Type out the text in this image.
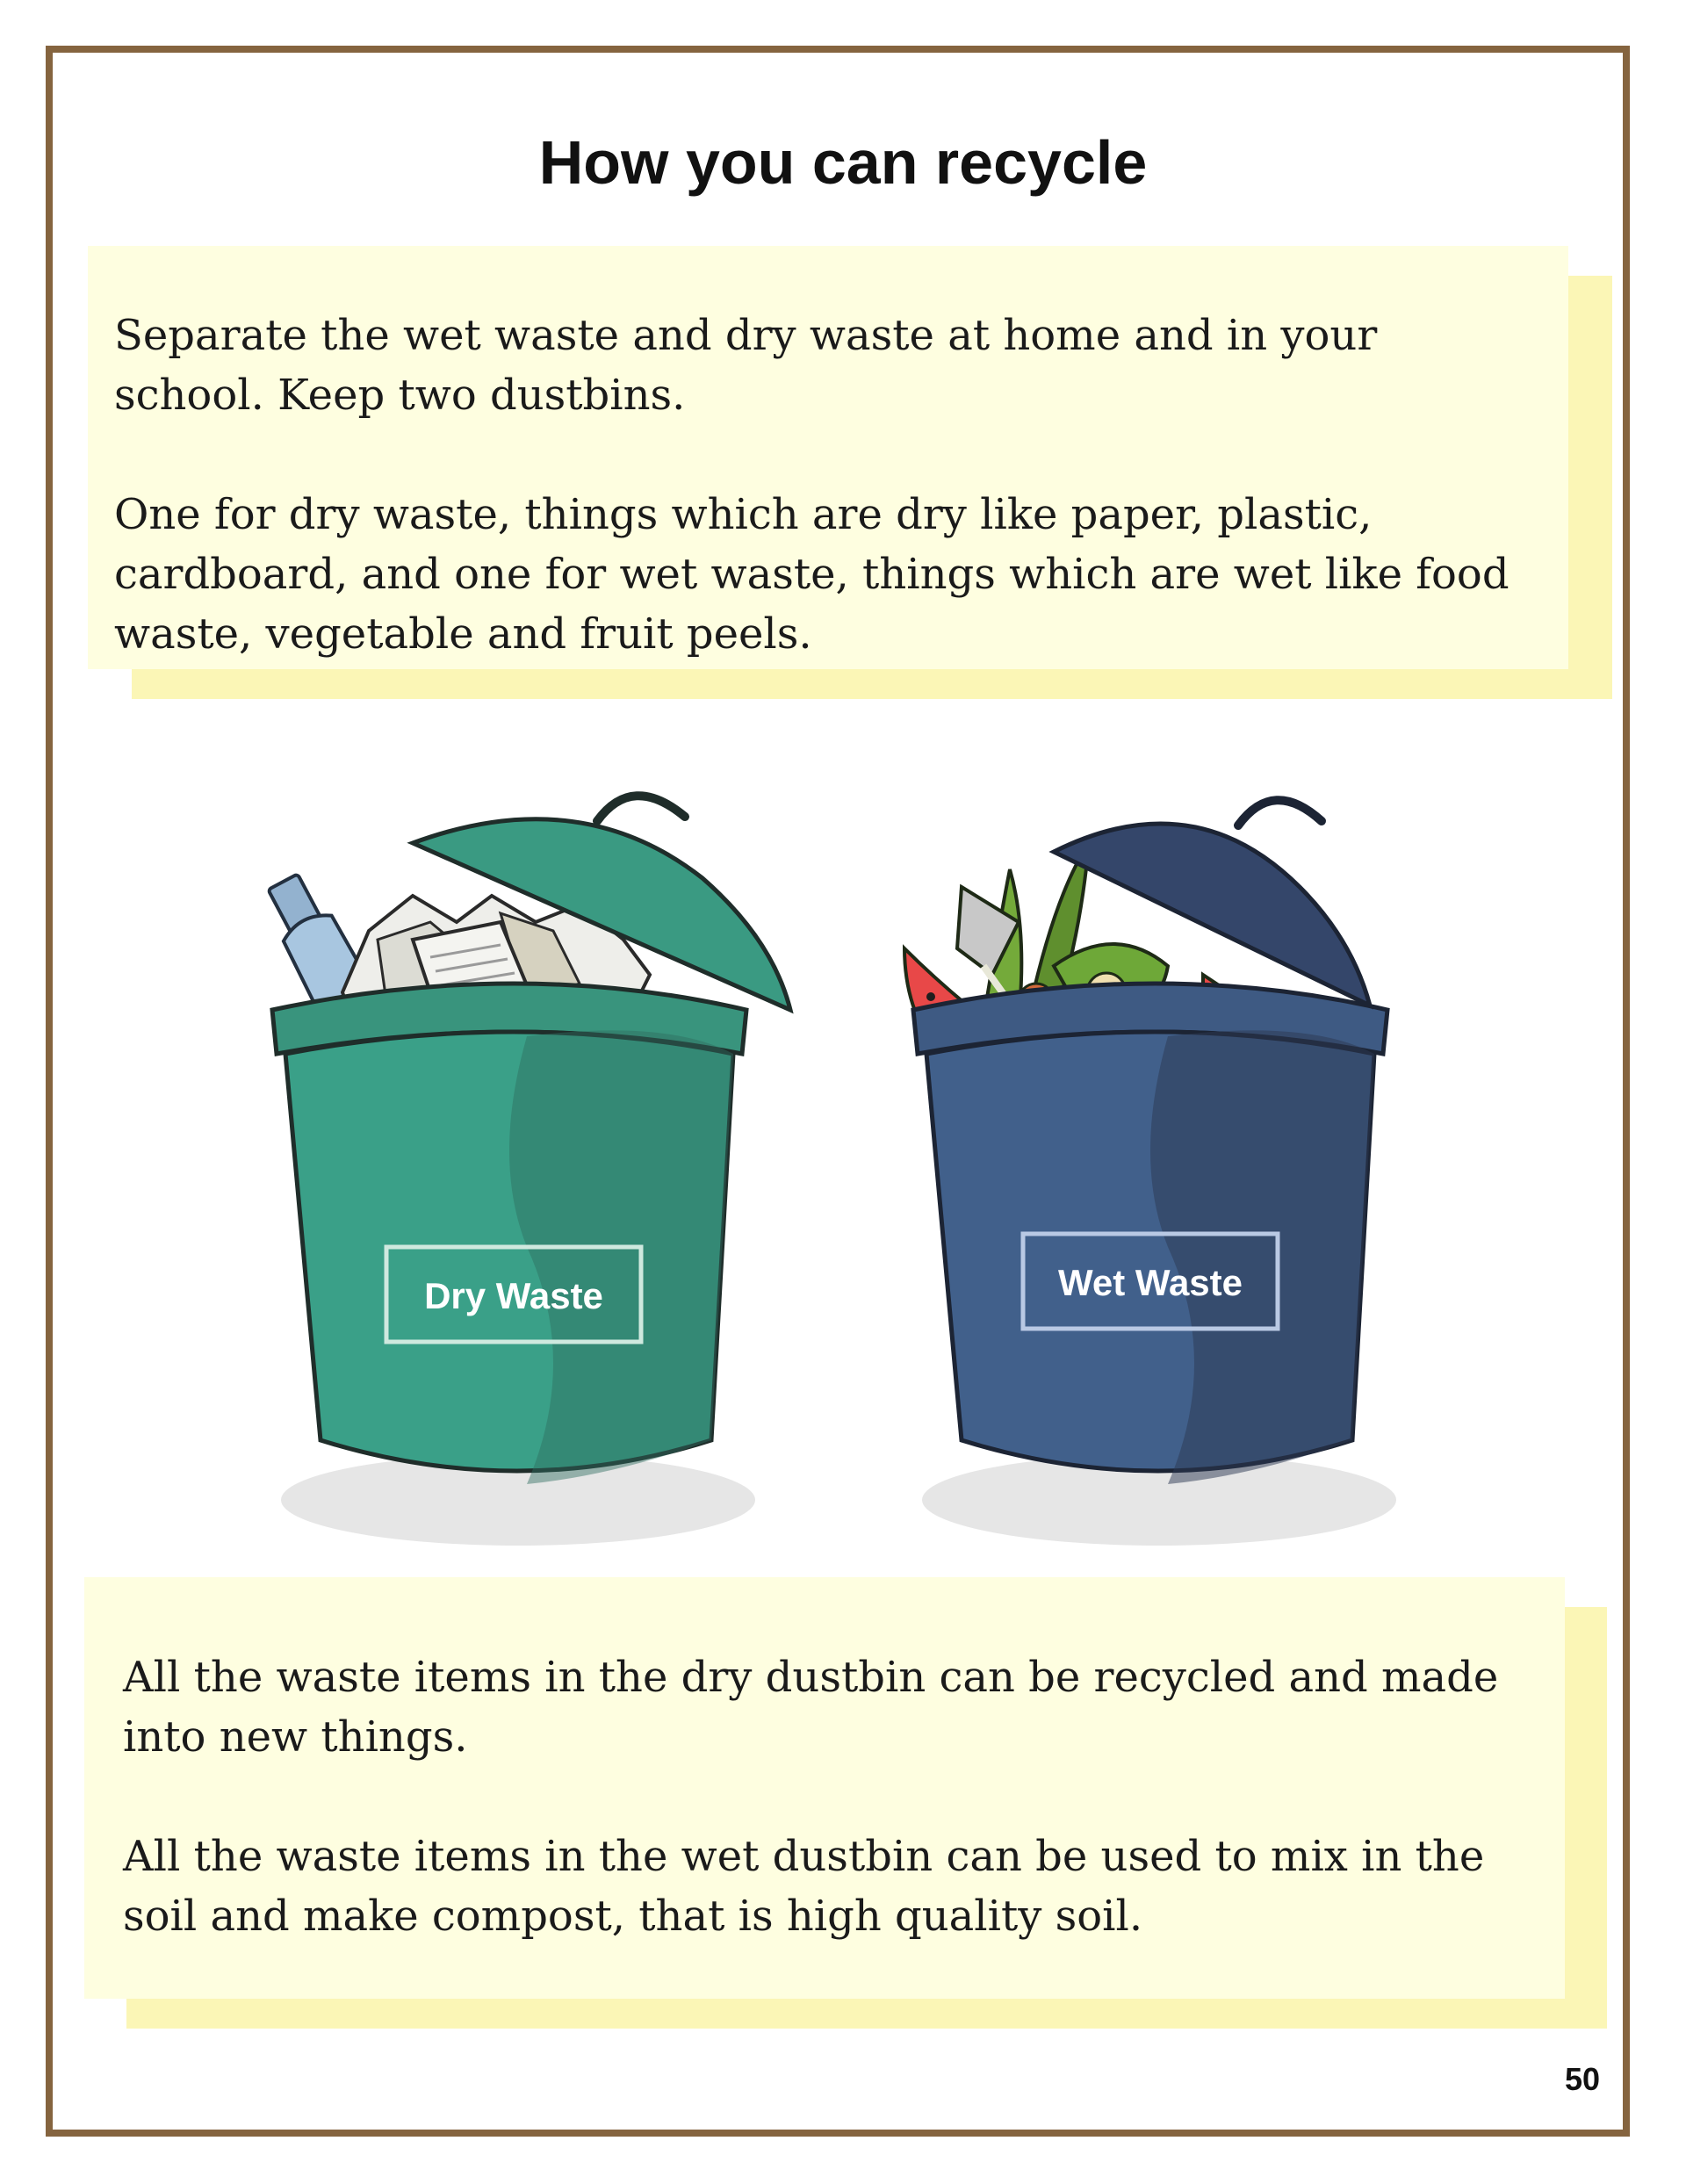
How you can recycle

Separate the wet waste and dry waste at home and in your school. Keep two dustbins.

One for dry waste, things which are dry like paper, plastic, cardboard, and one for wet waste, things which are wet like food waste, vegetable and fruit peels.

Dry Waste	Wet Waste

All the waste items in the dry dustbin can be recycled and made into new things.

All the waste items in the wet dustbin can be used to mix in the soil and make compost, that is high quality soil.

50
